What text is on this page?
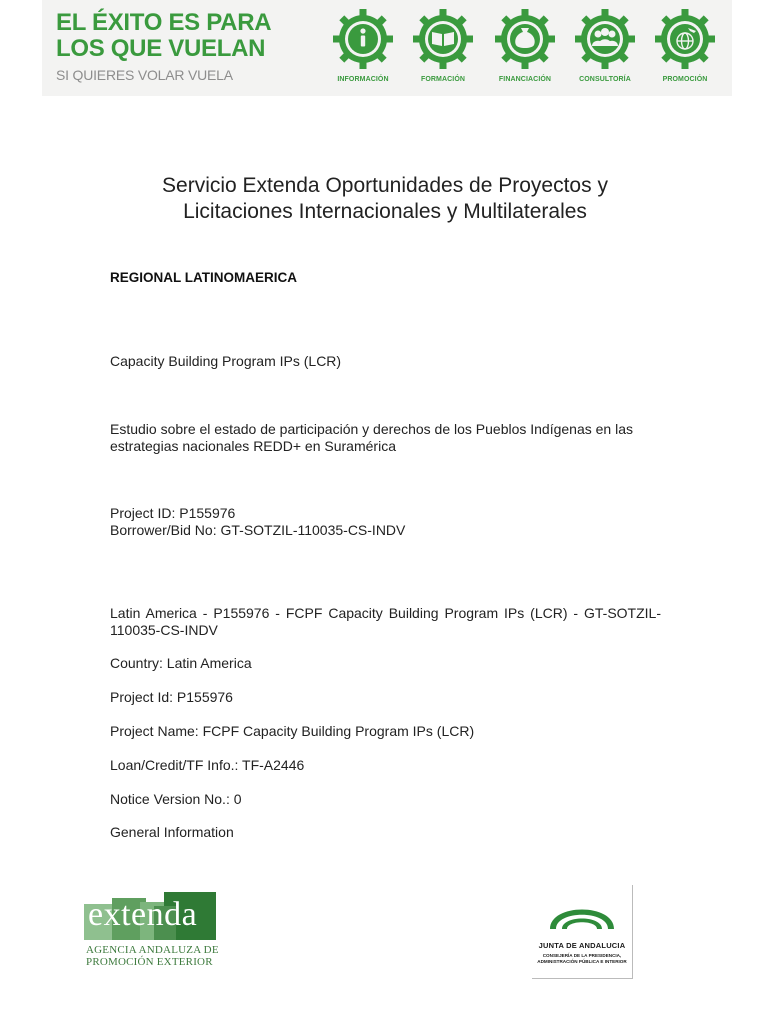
EL ÉXITO ES PARA
LOS QUE VUELAN
SI QUIERES VOLAR VUELA	INFORMACIÓN	FORMACIÓN	FINANCIACIÓN	CONSULTORÍA	PROMOCIÓN
Servicio Extenda Oportunidades de Proyectos y
Licitaciones Internacionales y Multilaterales
REGIONAL LATINOMAERICA
Capacity Building Program IPs (LCR)
Estudio sobre el estado de participación y derechos de los Pueblos Indígenas en las estrategias nacionales REDD+ en Suramérica
Project ID: P155976
Borrower/Bid No: GT-SOTZIL-110035-CS-INDV
Latin America - P155976 - FCPF Capacity Building Program IPs (LCR) - GT-SOTZIL-110035-CS-INDV
Country: Latin America
Project Id: P155976
Project Name: FCPF Capacity Building Program IPs (LCR)
Loan/Credit/TF Info.: TF-A2446
Notice Version No.: 0
General Information
extenda
AGENCIA ANDALUZA DE
PROMOCIÓN EXTERIOR
JUNTA DE ANDALUCIA
CONSEJERÍA DE LA PRESIDENCIA,
ADMINISTRACIÓN PÚBLICA E INTERIOR
